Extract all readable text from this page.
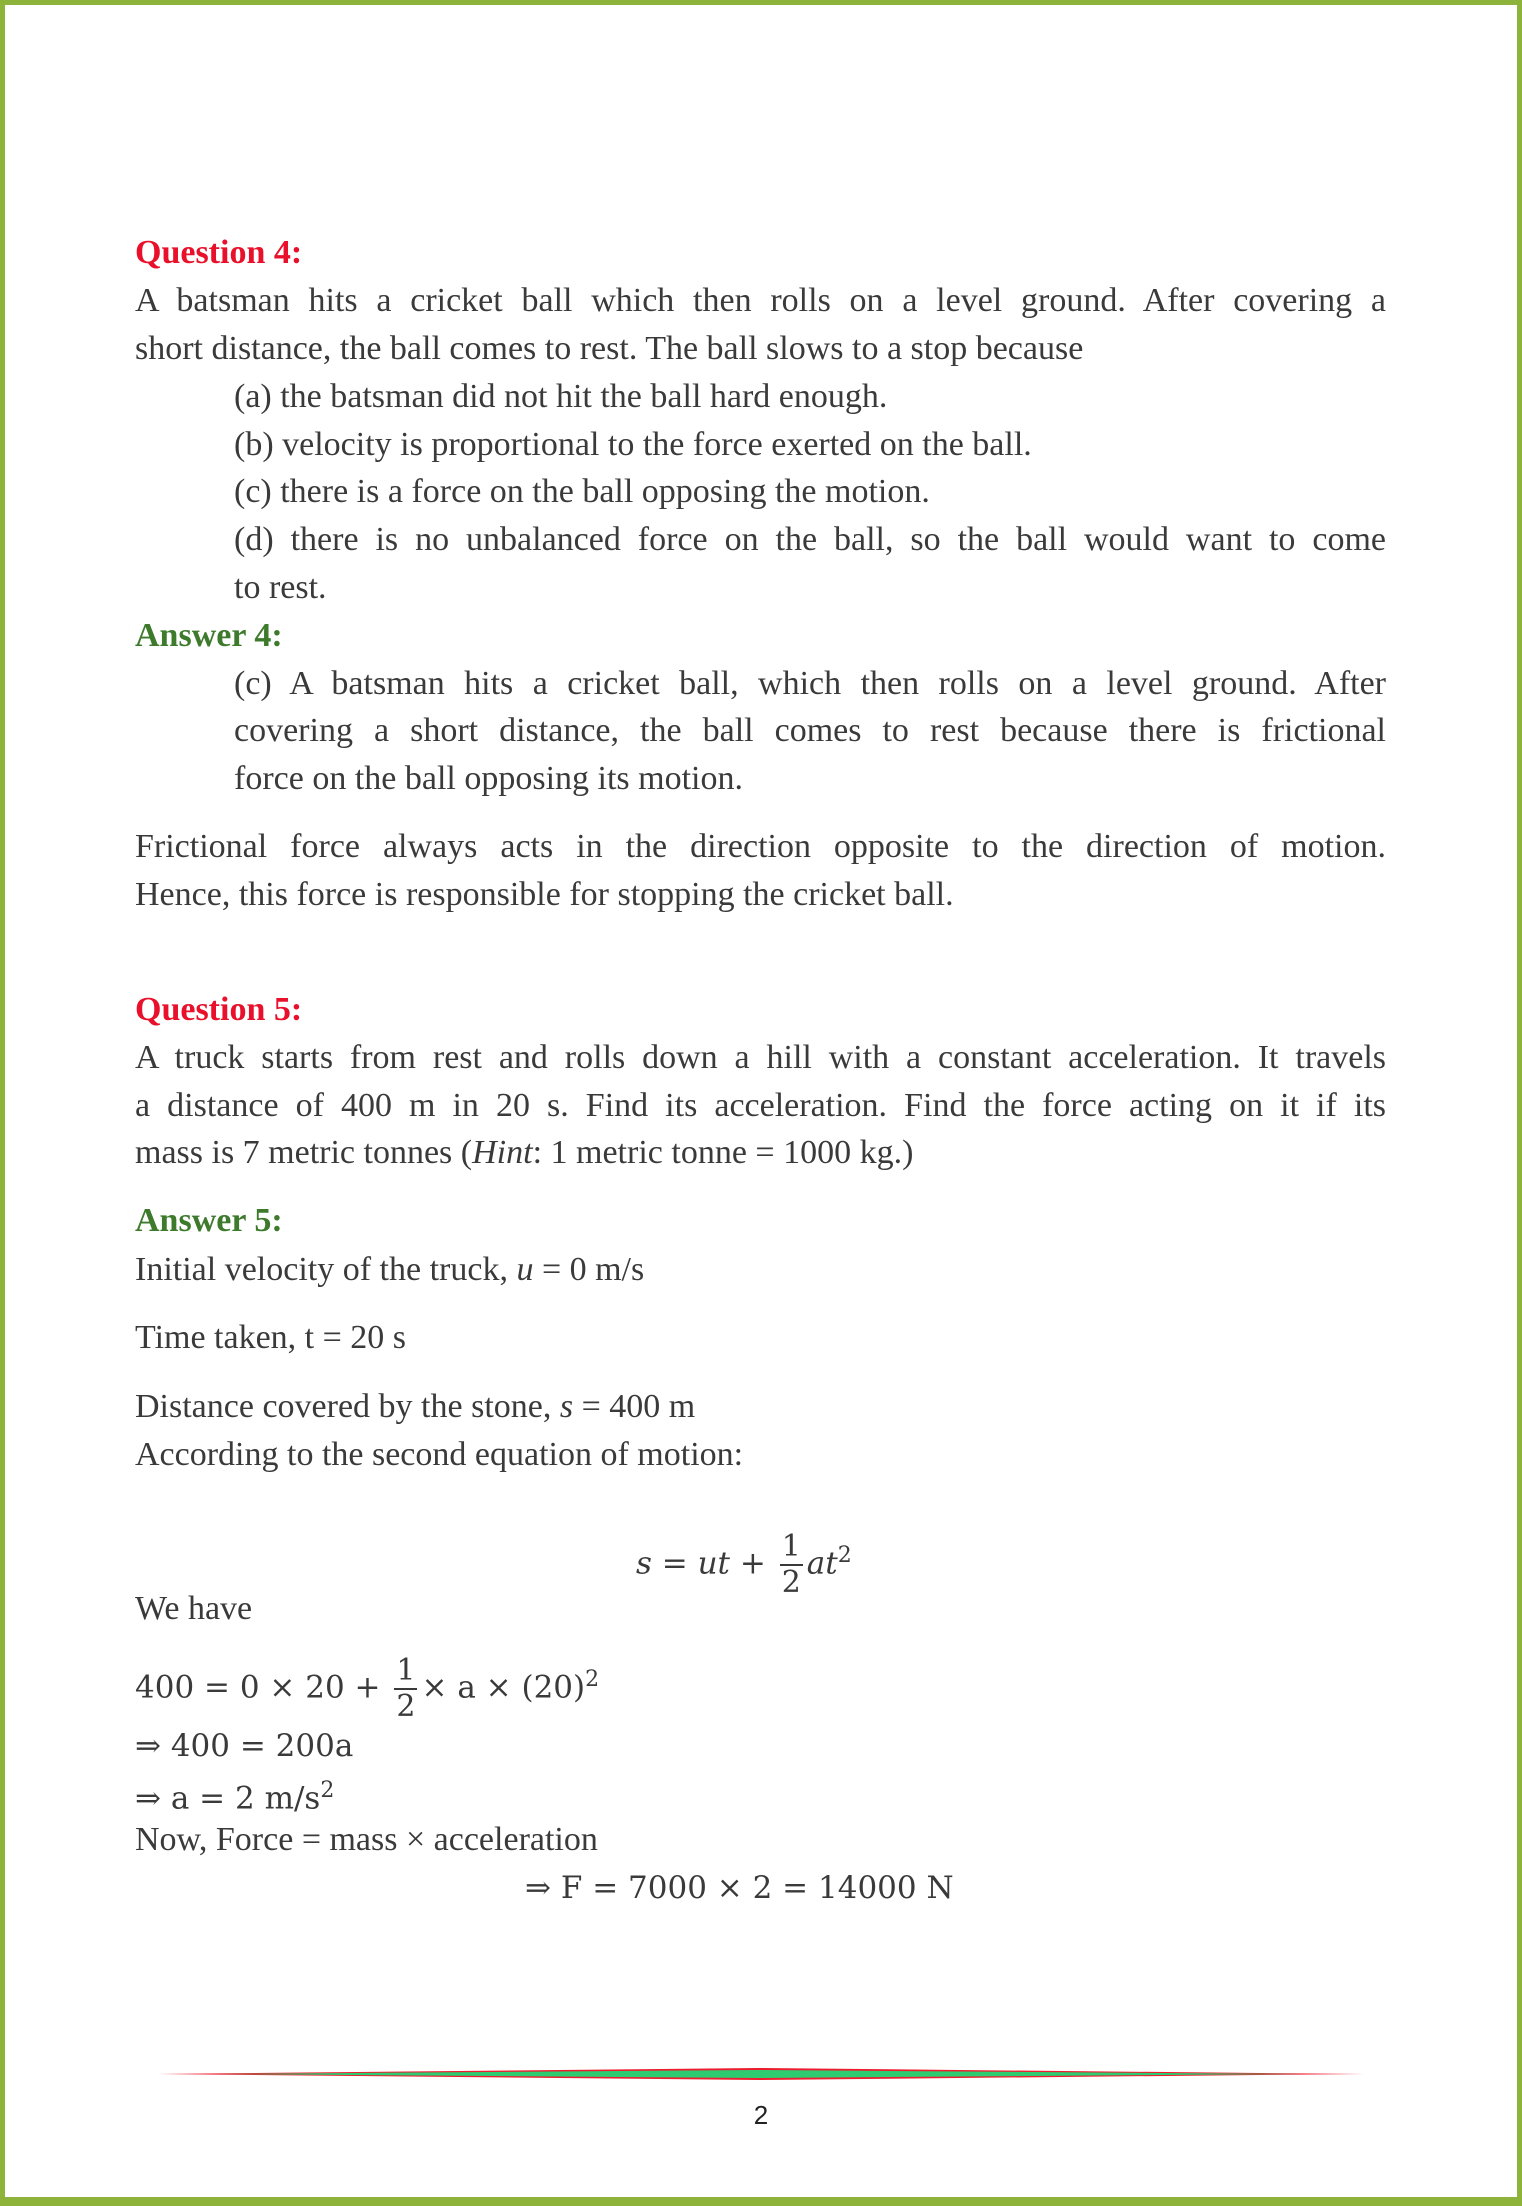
Question 4:
A batsman hits a cricket ball which then rolls on a level ground. After covering a
short distance, the ball comes to rest. The ball slows to a stop because
(a) the batsman did not hit the ball hard enough.
(b) velocity is proportional to the force exerted on the ball.
(c) there is a force on the ball opposing the motion.
(d) there is no unbalanced force on the ball, so the ball would want to come
to rest.
Answer 4:
(c) A batsman hits a cricket ball, which then rolls on a level ground. After
covering a short distance, the ball comes to rest because there is frictional
force on the ball opposing its motion.
Frictional force always acts in the direction opposite to the direction of motion.
Hence, this force is responsible for stopping the cricket ball.
Question 5:
A truck starts from rest and rolls down a hill with a constant acceleration. It travels
a distance of 400 m in 20 s. Find its acceleration. Find the force acting on it if its
mass is 7 metric tonnes (Hint: 1 metric tonne = 1000 kg.)
Answer 5:
Initial velocity of the truck, u = 0 m/s
Time taken, t = 20 s
Distance covered by the stone, s = 400 m
According to the second equation of motion:
s = ut + $\frac{1}{2} at^2$
We have
$400 = 0 \times 20 + \frac{1}{2} \times a \times (20)^2$
⇒ 400 = 200a
⇒ a = 2 $m/s^2$
Now, Force = mass × acceleration
⇒ F = 7000 × 2 = 14000 N
2
